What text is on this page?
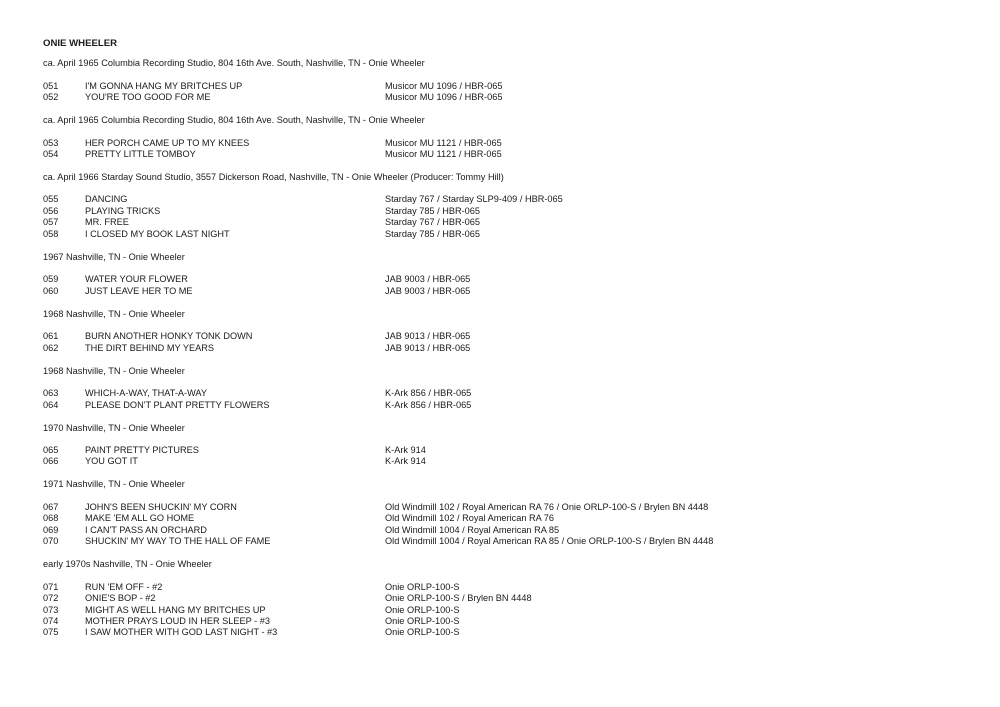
ONIE WHEELER
ca. April 1965 Columbia Recording Studio, 804 16th Ave. South, Nashville, TN - Onie Wheeler
051	I'M GONNA HANG MY BRITCHES UP	Musicor MU 1096 / HBR-065
052	YOU'RE TOO GOOD FOR ME	Musicor MU 1096 / HBR-065
ca. April 1965 Columbia Recording Studio, 804 16th Ave. South, Nashville, TN - Onie Wheeler
053	HER PORCH CAME UP TO MY KNEES	Musicor MU 1121 / HBR-065
054	PRETTY LITTLE TOMBOY	Musicor MU 1121 / HBR-065
ca. April 1966 Starday Sound Studio, 3557 Dickerson Road, Nashville, TN - Onie Wheeler (Producer: Tommy Hill)
055	DANCING	Starday 767 / Starday SLP9-409 / HBR-065
056	PLAYING TRICKS	Starday 785 / HBR-065
057	MR. FREE	Starday 767 / HBR-065
058	I CLOSED MY BOOK LAST NIGHT	Starday 785 / HBR-065
1967 Nashville, TN - Onie Wheeler
059	WATER YOUR FLOWER	JAB 9003 / HBR-065
060	JUST LEAVE HER TO ME	JAB 9003 / HBR-065
1968 Nashville, TN - Onie Wheeler
061	BURN ANOTHER HONKY TONK DOWN	JAB 9013 / HBR-065
062	THE DIRT BEHIND MY YEARS	JAB 9013 / HBR-065
1968 Nashville, TN - Onie Wheeler
063	WHICH-A-WAY, THAT-A-WAY	K-Ark 856 / HBR-065
064	PLEASE DON'T PLANT PRETTY FLOWERS	K-Ark 856 / HBR-065
1970 Nashville, TN - Onie Wheeler
065	PAINT PRETTY PICTURES	K-Ark 914
066	YOU GOT IT	K-Ark 914
1971 Nashville, TN - Onie Wheeler
067	JOHN'S BEEN SHUCKIN' MY CORN	Old Windmill 102 / Royal American RA 76 / Onie ORLP-100-S / Brylen BN 4448
068	MAKE 'EM ALL GO HOME	Old Windmill 102 / Royal American RA 76
069	I CAN'T PASS AN ORCHARD	Old Windmill 1004 / Royal American RA 85
070	SHUCKIN' MY WAY TO THE HALL OF FAME	Old Windmill 1004 / Royal American RA 85 / Onie ORLP-100-S / Brylen BN 4448
early 1970s Nashville, TN - Onie Wheeler
071	RUN 'EM OFF - #2	Onie ORLP-100-S
072	ONIE'S BOP - #2	Onie ORLP-100-S / Brylen BN 4448
073	MIGHT AS WELL HANG MY BRITCHES UP	Onie ORLP-100-S
074	MOTHER PRAYS LOUD IN HER SLEEP - #3	Onie ORLP-100-S
075	I SAW MOTHER WITH GOD LAST NIGHT - #3	Onie ORLP-100-S
